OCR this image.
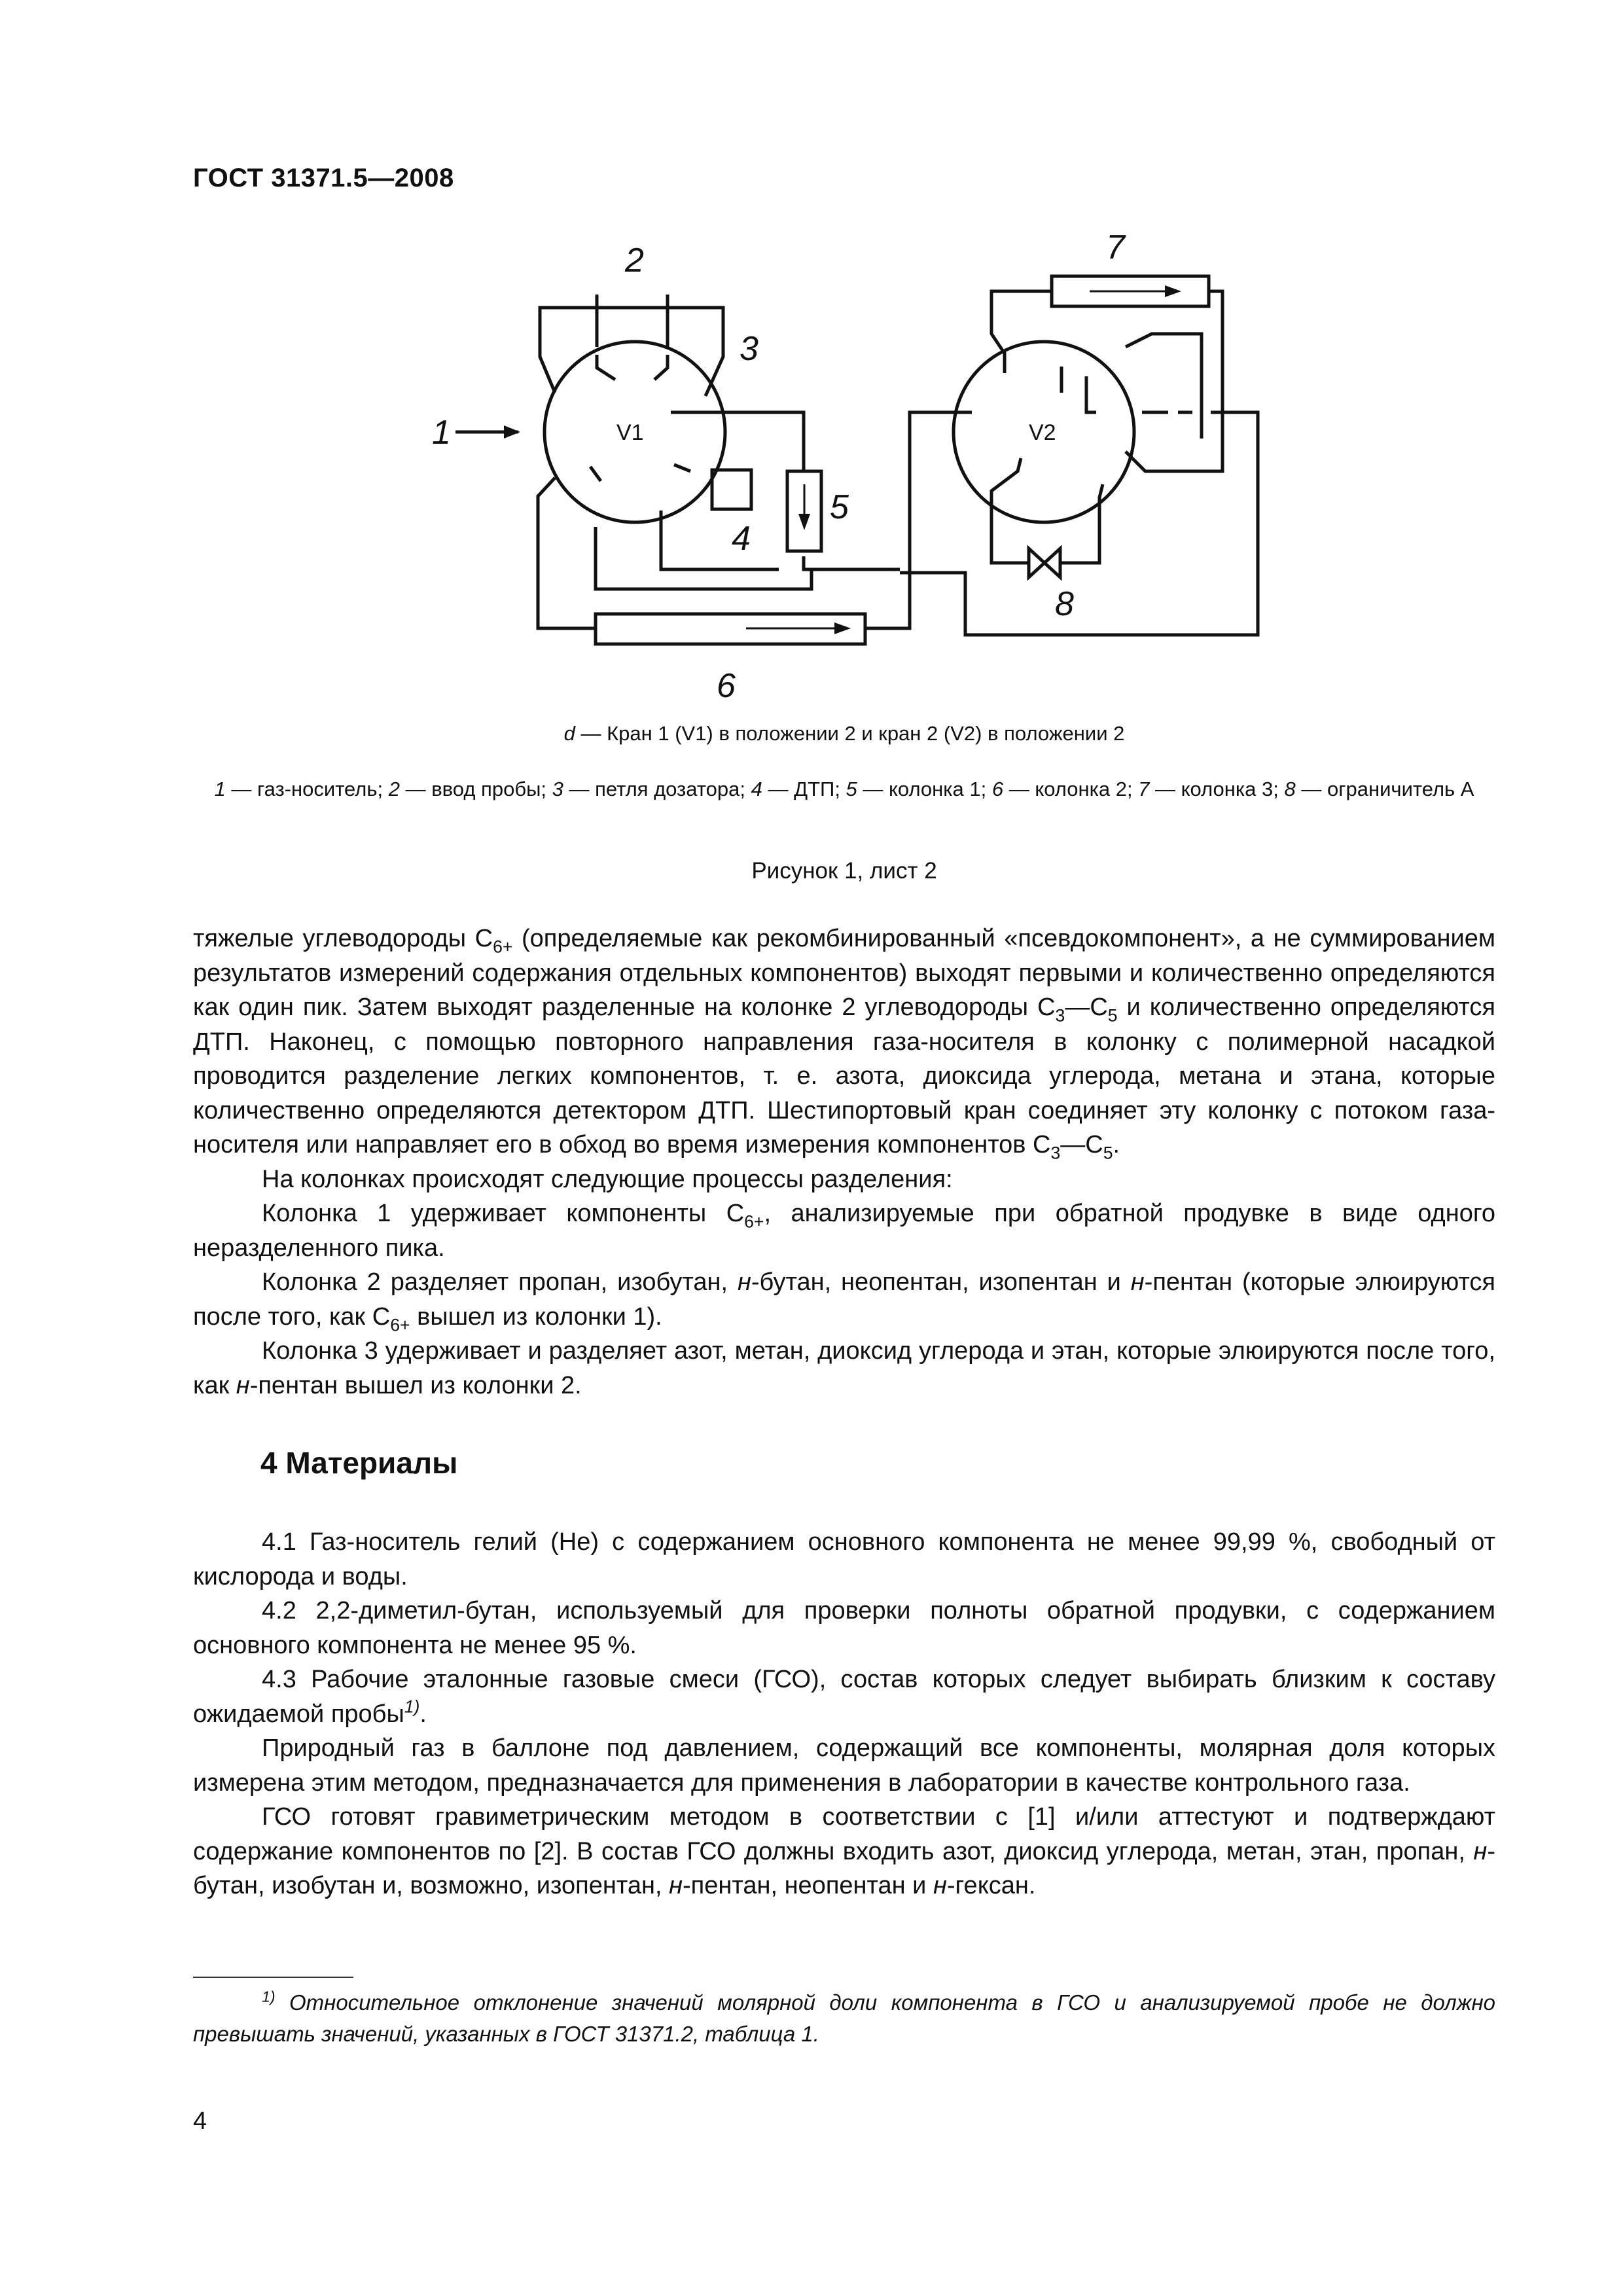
ГОСТ 31371.5—2008
2
3
1
4
5
6
7
8
V1	V2
d — Кран 1 (V1) в положении 2 и кран 2 (V2) в положении 2
1 — газ-носитель; 2 — ввод пробы; 3 — петля дозатора; 4 — ДТП; 5 — колонка 1; 6 — колонка 2; 7 — колонка 3; 8 — ограничитель А
Рисунок 1, лист 2

тяжелые углеводороды $C_{6+}$ (определяемые как рекомбинированный «псевдокомпонент», а не суммированием результатов измерений содержания отдельных компонентов) выходят первыми и количественно определяются как один пик. Затем выходят разделенные на колонке 2 углеводороды $C_3—C_5$ и количественно определяются ДТП. Наконец, с помощью повторного направления газа-носителя в колонку с полимерной насадкой проводится разделение легких компонентов, т. е. азота, диоксида углерода, метана и этана, которые количественно определяются детектором ДТП. Шестипортовый кран соединяет эту колонку с потоком газа-носителя или направляет его в обход во время измерения компонентов $C_3—C_5$.

На колонках происходят следующие процессы разделения:

Колонка 1 удерживает компоненты $C_{6+}$, анализируемые при обратной продувке в виде одного неразделенного пика.

Колонка 2 разделяет пропан, изобутан, н-бутан, неопентан, изопентан и н-пентан (которые элюируются после того, как $C_{6+}$ вышел из колонки 1).

Колонка 3 удерживает и разделяет азот, метан, диоксид углерода и этан, которые элюируются после того, как н-пентан вышел из колонки 2.

4 Материалы

4.1 Газ-носитель гелий (He) с содержанием основного компонента не менее 99,99 %, свободный от кислорода и воды.

4.2 2,2-диметил-бутан, используемый для проверки полноты обратной продувки, с содержанием основного компонента не менее 95 %.

4.3 Рабочие эталонные газовые смеси (ГСО), состав которых следует выбирать близким к составу ожидаемой пробы$^{1)}$.

Природный газ в баллоне под давлением, содержащий все компоненты, молярная доля которых измерена этим методом, предназначается для применения в лаборатории в качестве контрольного газа.

ГСО готовят гравиметрическим методом в соответствии с [1] и/или аттестуют и подтверждают содержание компонентов по [2]. В состав ГСО должны входить азот, диоксид углерода, метан, этан, пропан, н-бутан, изобутан и, возможно, изопентан, н-пентан, неопентан и н-гексан.

$^{1)}$ Относительное отклонение значений молярной доли компонента в ГСО и анализируемой пробе не должно превышать значений, указанных в ГОСТ 31371.2, таблица 1.
4
